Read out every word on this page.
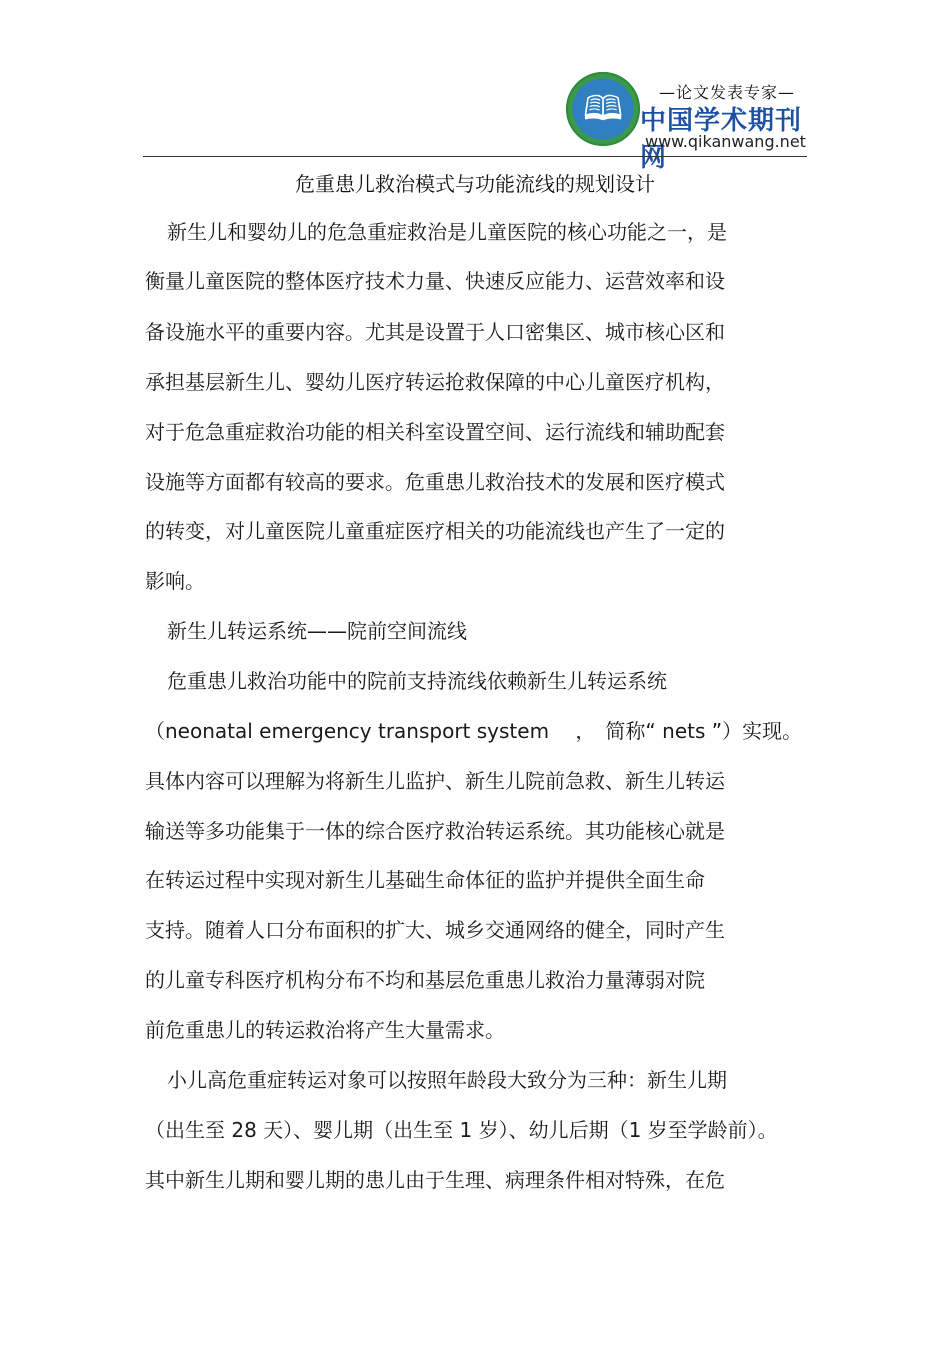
🕮	—论文发表专家—
中国学术期刊网
www.qikanwang.net
危重患儿救治模式与功能流线的规划设计
新生儿和婴幼儿的危急重症救治是儿童医院的核心功能之一，是
衡量儿童医院的整体医疗技术力量、快速反应能力、运营效率和设
备设施水平的重要内容。尤其是设置于人口密集区、城市核心区和
承担基层新生儿、婴幼儿医疗转运抢救保障的中心儿童医疗机构，
对于危急重症救治功能的相关科室设置空间、运行流线和辅助配套
设施等方面都有较高的要求。危重患儿救治技术的发展和医疗模式
的转变，对儿童医院儿童重症医疗相关的功能流线也产生了一定的
影响。
新生儿转运系统——院前空间流线
危重患儿救治功能中的院前支持流线依赖新生儿转运系统
（neonatal emergency transport system　 ，　简称“ nets ”）实现。
具体内容可以理解为将新生儿监护、新生儿院前急救、新生儿转运
输送等多功能集于一体的综合医疗救治转运系统。其功能核心就是
在转运过程中实现对新生儿基础生命体征的监护并提供全面生命
支持。随着人口分布面积的扩大、城乡交通网络的健全，同时产生
的儿童专科医疗机构分布不均和基层危重患儿救治力量薄弱对院
前危重患儿的转运救治将产生大量需求。
小儿高危重症转运对象可以按照年龄段大致分为三种：新生儿期
（出生至 28 天）、婴儿期（出生至 1 岁）、幼儿后期（1 岁至学龄前）。
其中新生儿期和婴儿期的患儿由于生理、病理条件相对特殊，在危
